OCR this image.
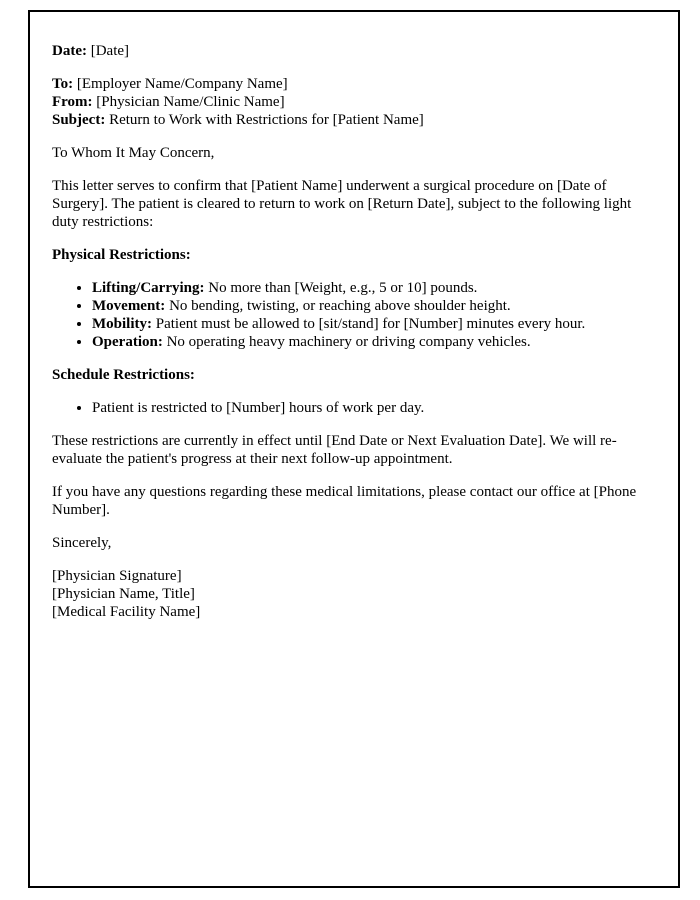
Date: [Date]

To: [Employer Name/Company Name]
From: [Physician Name/Clinic Name]
Subject: Return to Work with Restrictions for [Patient Name]

To Whom It May Concern,

This letter serves to confirm that [Patient Name] underwent a surgical procedure on [Date of Surgery]. The patient is cleared to return to work on [Return Date], subject to the following light duty restrictions:

Physical Restrictions:

• Lifting/Carrying: No more than [Weight, e.g., 5 or 10] pounds.
• Movement: No bending, twisting, or reaching above shoulder height.
• Mobility: Patient must be allowed to [sit/stand] for [Number] minutes every hour.
• Operation: No operating heavy machinery or driving company vehicles.

Schedule Restrictions:

• Patient is restricted to [Number] hours of work per day.

These restrictions are currently in effect until [End Date or Next Evaluation Date]. We will re-evaluate the patient's progress at their next follow-up appointment.

If you have any questions regarding these medical limitations, please contact our office at [Phone Number].

Sincerely,

[Physician Signature]
[Physician Name, Title]
[Medical Facility Name]
